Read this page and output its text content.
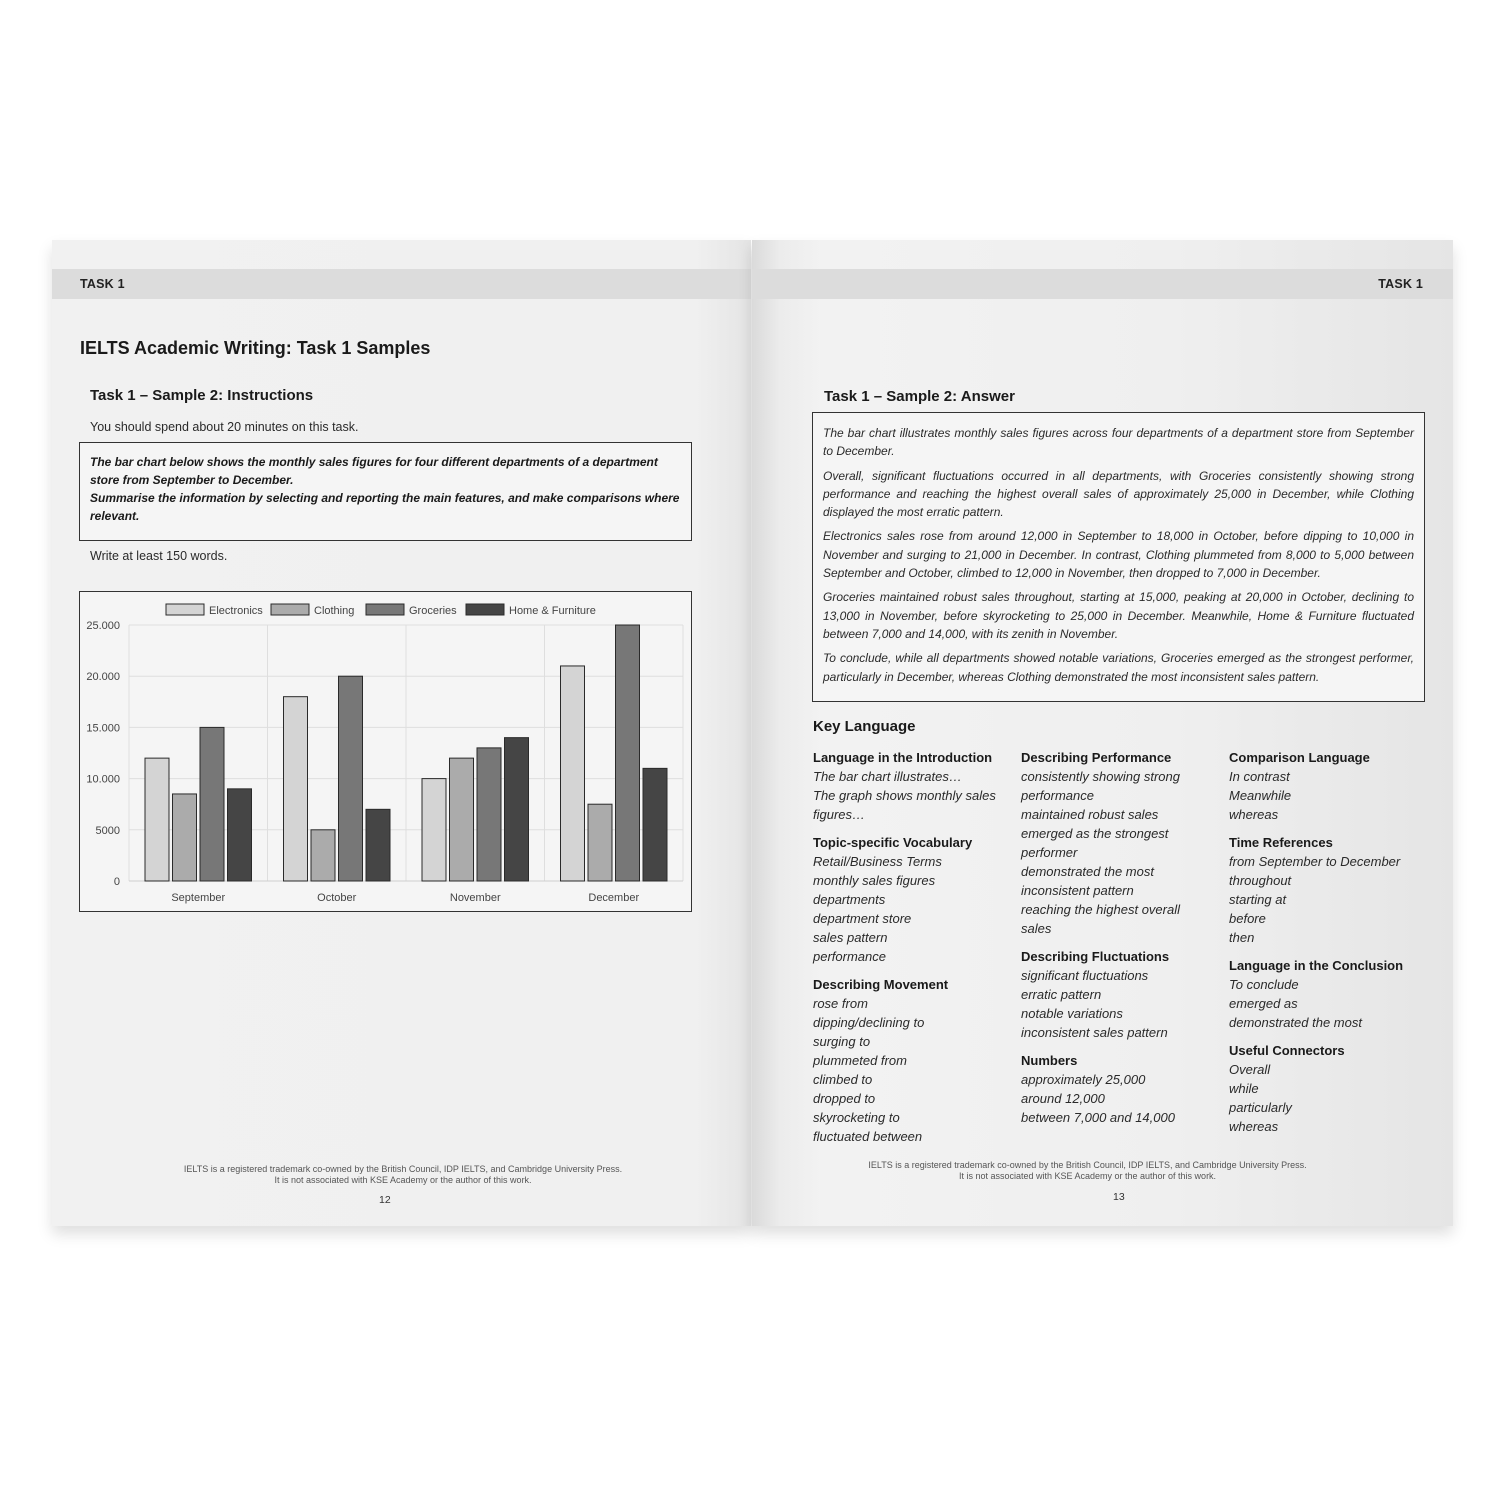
TASK 1
IELTS Academic Writing: Task 1 Samples
Task 1 – Sample 2: Instructions
You should spend about 20 minutes on this task.

The bar chart below shows the monthly sales figures for four different departments of a department store from September to December.

Summarise the information by selecting and reporting the main features, and make comparisons where relevant.

Write at least 150 words.
0
5000
10.000
15.000
20.000
25.000
September	October	November	December
Electronics	Clothing	Groceries	Home & Furniture
IELTS is a registered trademark co-owned by the British Council, IDP IELTS, and Cambridge University Press.
It is not associated with KSE Academy or the author of this work.
12
TASK 1
Task 1 – Sample 2: Answer

The bar chart illustrates monthly sales figures across four departments of a department store from September to December.

Overall, significant fluctuations occurred in all departments, with Groceries consistently showing strong performance and reaching the highest overall sales of approximately 25,000 in December, while Clothing displayed the most erratic pattern.

Electronics sales rose from around 12,000 in September to 18,000 in October, before dipping to 10,000 in November and surging to 21,000 in December. In contrast, Clothing plummeted from 8,000 to 5,000 between September and October, climbed to 12,000 in November, then dropped to 7,000 in December.

Groceries maintained robust sales throughout, starting at 15,000, peaking at 20,000 in October, declining to 13,000 in November, before skyrocketing to 25,000 in December. Meanwhile, Home & Furniture fluctuated between 7,000 and 14,000, with its zenith in November.

To conclude, while all departments showed notable variations, Groceries emerged as the strongest performer, particularly in December, whereas Clothing demonstrated the most inconsistent sales pattern.

Key Language
Language in the Introduction
The bar chart illustrates…
The graph shows monthly sales
figures…
Topic-specific Vocabulary
Retail/Business Terms
monthly sales figures
departments
department store
sales pattern
performance
Describing Movement
rose from
dipping/declining to
surging to
plummeted from
climbed to
dropped to
skyrocketing to
fluctuated between
Describing Performance
consistently showing strong
performance
maintained robust sales
emerged as the strongest
performer
demonstrated the most
inconsistent pattern
reaching the highest overall
sales
Describing Fluctuations
significant fluctuations
erratic pattern
notable variations
inconsistent sales pattern
Numbers
approximately 25,000
around 12,000
between 7,000 and 14,000
Comparison Language
In contrast
Meanwhile
whereas
Time References
from September to December
throughout
starting at
before
then
Language in the Conclusion
To conclude
emerged as
demonstrated the most
Useful Connectors
Overall
while
particularly
whereas
IELTS is a registered trademark co-owned by the British Council, IDP IELTS, and Cambridge University Press.
It is not associated with KSE Academy or the author of this work.
13
